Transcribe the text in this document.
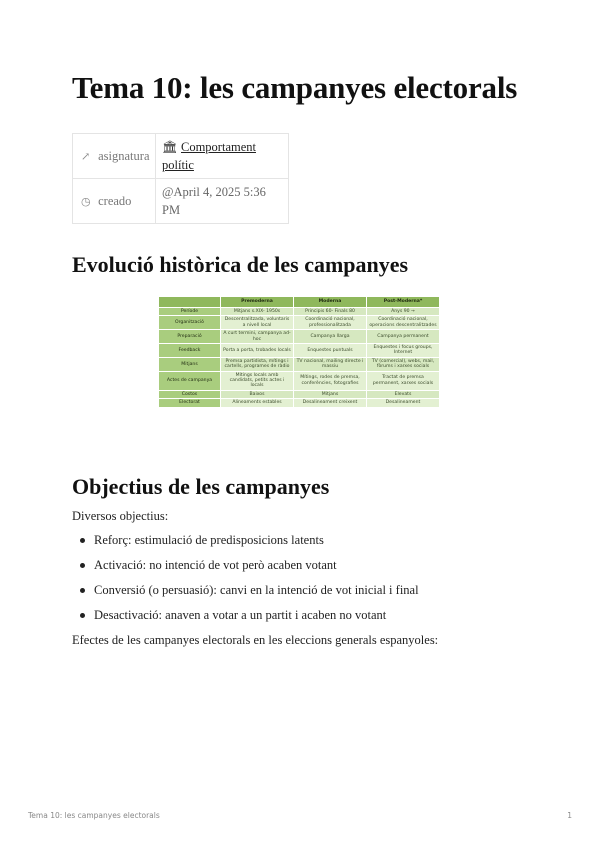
Tema 10: les campanyes electorals
↗ asignatura	🏛 Comportament polític
◷ creado	@April 4, 2025 5:36 PM
Evolució històrica de les campanyes
	Premoderna	Moderna	Post-Moderna*
Període	Mitjans s.XIX- 1950s	Principis 60- Finals 80	Anys 90 →
Organització	Descentralitzada, voluntaris a nivell local	Coordinació nacional, professionalitzada	Coordinació nacional, operacions descentralitzades
Preparació	A curt termini, campanya ad-hoc	Campanya llarga	Campanya permanent
Feedback	Porta a porta, trobades locals	Enquestes puntuals	Enquestes i focus groups, Internet
Mitjans	Premsa partidista, mítings i cartells, programes de ràdio	TV nacional, mailing directe i massiu	TV (comercial), webs, mail, fòrums i xarxes socials
Actes de campanya	Mítings locals amb candidats, petits actes i locals	Mítings, rodes de premsa, conferències, fotografies	Tractat de premsa permanent, xarxes socials
Costos	Baixos	Mitjans	Elevats
Electorat	Alineaments estables	Desalineament creixent	Desalineament
Objectius de les campanyes

Diversos objectius:

Reforç: estimulació de predisposicions latents
Activació: no intenció de vot però acaben votant
Conversió (o persuasió): canvi en la intenció de vot inicial i final
Desactivació: anaven a votar a un partit i acaben no votant

Efectes de les campanyes electorals en les eleccions generals espanyoles:

Tema 10: les campanyes electorals	1
